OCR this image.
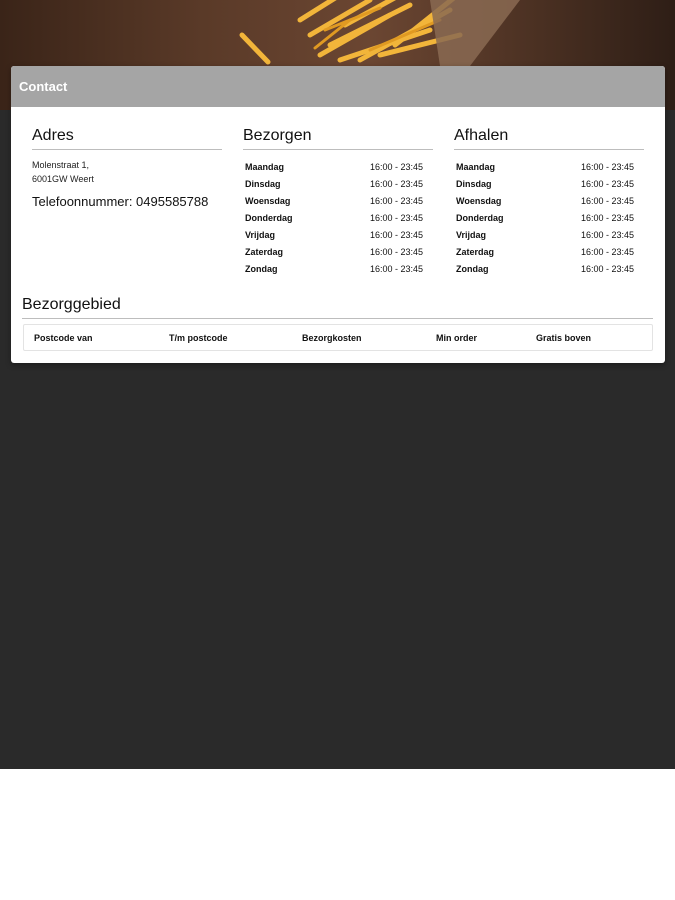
Contact
Adres
Molenstraat 1,
6001GW Weert
Telefoonnummer: 0495585788
Bezorgen
Maandag	16:00 - 23:45
Dinsdag	16:00 - 23:45
Woensdag	16:00 - 23:45
Donderdag	16:00 - 23:45
Vrijdag	16:00 - 23:45
Zaterdag	16:00 - 23:45
Zondag	16:00 - 23:45
Afhalen
Maandag	16:00 - 23:45
Dinsdag	16:00 - 23:45
Woensdag	16:00 - 23:45
Donderdag	16:00 - 23:45
Vrijdag	16:00 - 23:45
Zaterdag	16:00 - 23:45
Zondag	16:00 - 23:45
Bezorggebied
Postcode van	T/m postcode	Bezorgkosten	Min order	Gratis boven
